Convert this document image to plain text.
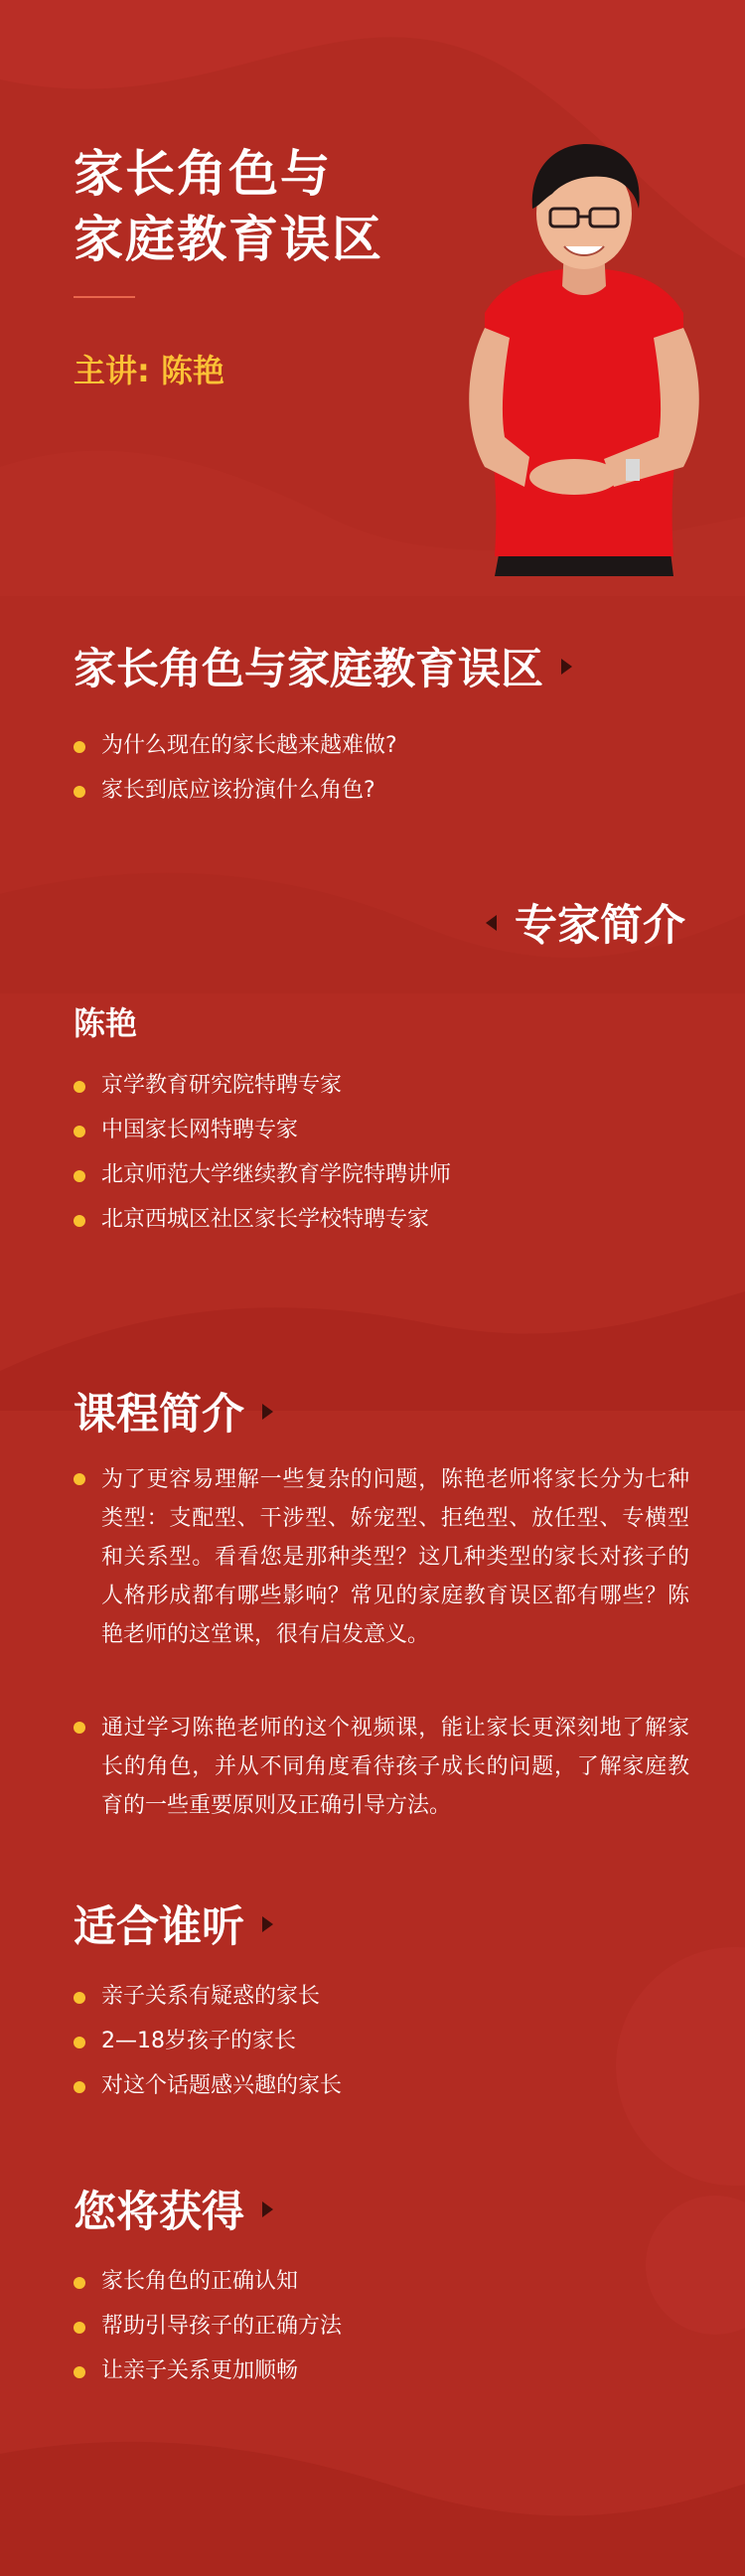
家长角色与
家庭教育误区
主讲: 陈艳
家长角色与家庭教育误区
为什么现在的家长越来越难做?
家长到底应该扮演什么角色?
专家简介
陈艳
京学教育研究院特聘专家
中国家长网特聘专家
北京师范大学继续教育学院特聘讲师
北京西城区社区家长学校特聘专家
课程简介
为了更容易理解一些复杂的问题，陈艳老师将家长分为七种类型：支配型、干涉型、娇宠型、拒绝型、放任型、专横型和关系型。看看您是那种类型？这几种类型的家长对孩子的人格形成都有哪些影响？常见的家庭教育误区都有哪些？陈艳老师的这堂课，很有启发意义。
通过学习陈艳老师的这个视频课，能让家长更深刻地了解家长的角色，并从不同角度看待孩子成长的问题，了解家庭教育的一些重要原则及正确引导方法。
适合谁听
亲子关系有疑惑的家长
2—18岁孩子的家长
对这个话题感兴趣的家长
您将获得
家长角色的正确认知
帮助引导孩子的正确方法
让亲子关系更加顺畅
